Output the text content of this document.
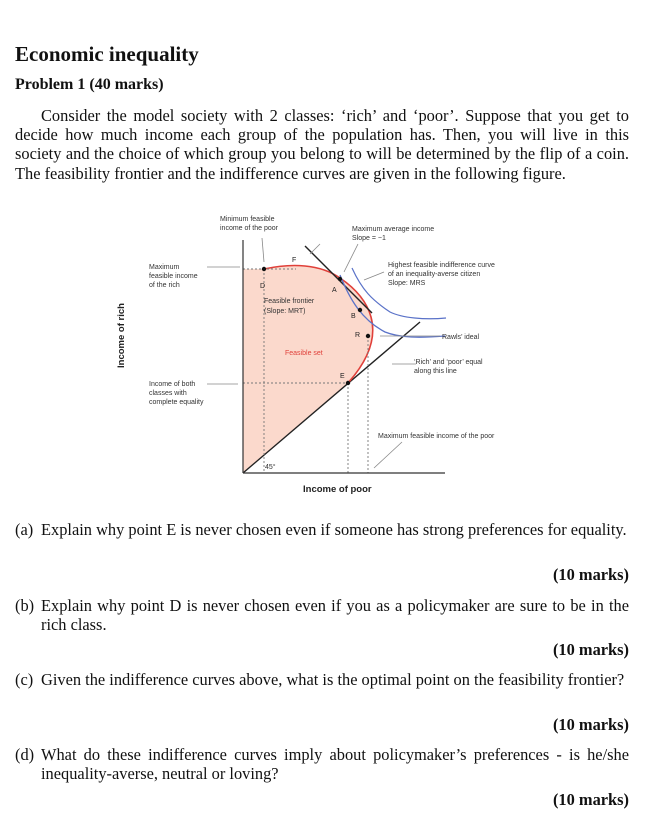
Economic inequality
Problem 1 (40 marks)
Consider the model society with 2 classes: ‘rich’ and ‘poor’. Suppose that you get to decide how much income each group of the population has. Then, you will live in this society and the choice of which group you belong to will be determined by the flip of a coin. The feasibility frontier and the indifference curves are given in the following figure.
F
D
A
B
R
E
Minimum feasible income of the poor	Maximum average income Slope = −1
Maximum feasible income of the rich
Highest feasible indifference curve of an inequality-averse citizen Slope: MRS
Feasible frontier (Slope: MRT)
Rawls’ ideal
‘Rich’ and ‘poor’ equal along this line
Income of both classes with complete equality
Maximum feasible income of the poor
45°
Feasible set
Income of poor
Income of rich
(a) Explain why point E is never chosen even if someone has strong preferences for equality.
(10 marks)
(b) Explain why point D is never chosen even if you as a policymaker are sure to be in the rich class.
(10 marks)
(c) Given the indifference curves above, what is the optimal point on the feasibility frontier?
(10 marks)
(d) What do these indifference curves imply about policymaker’s preferences - is he/she inequality-averse, neutral or loving?
(10 marks)
